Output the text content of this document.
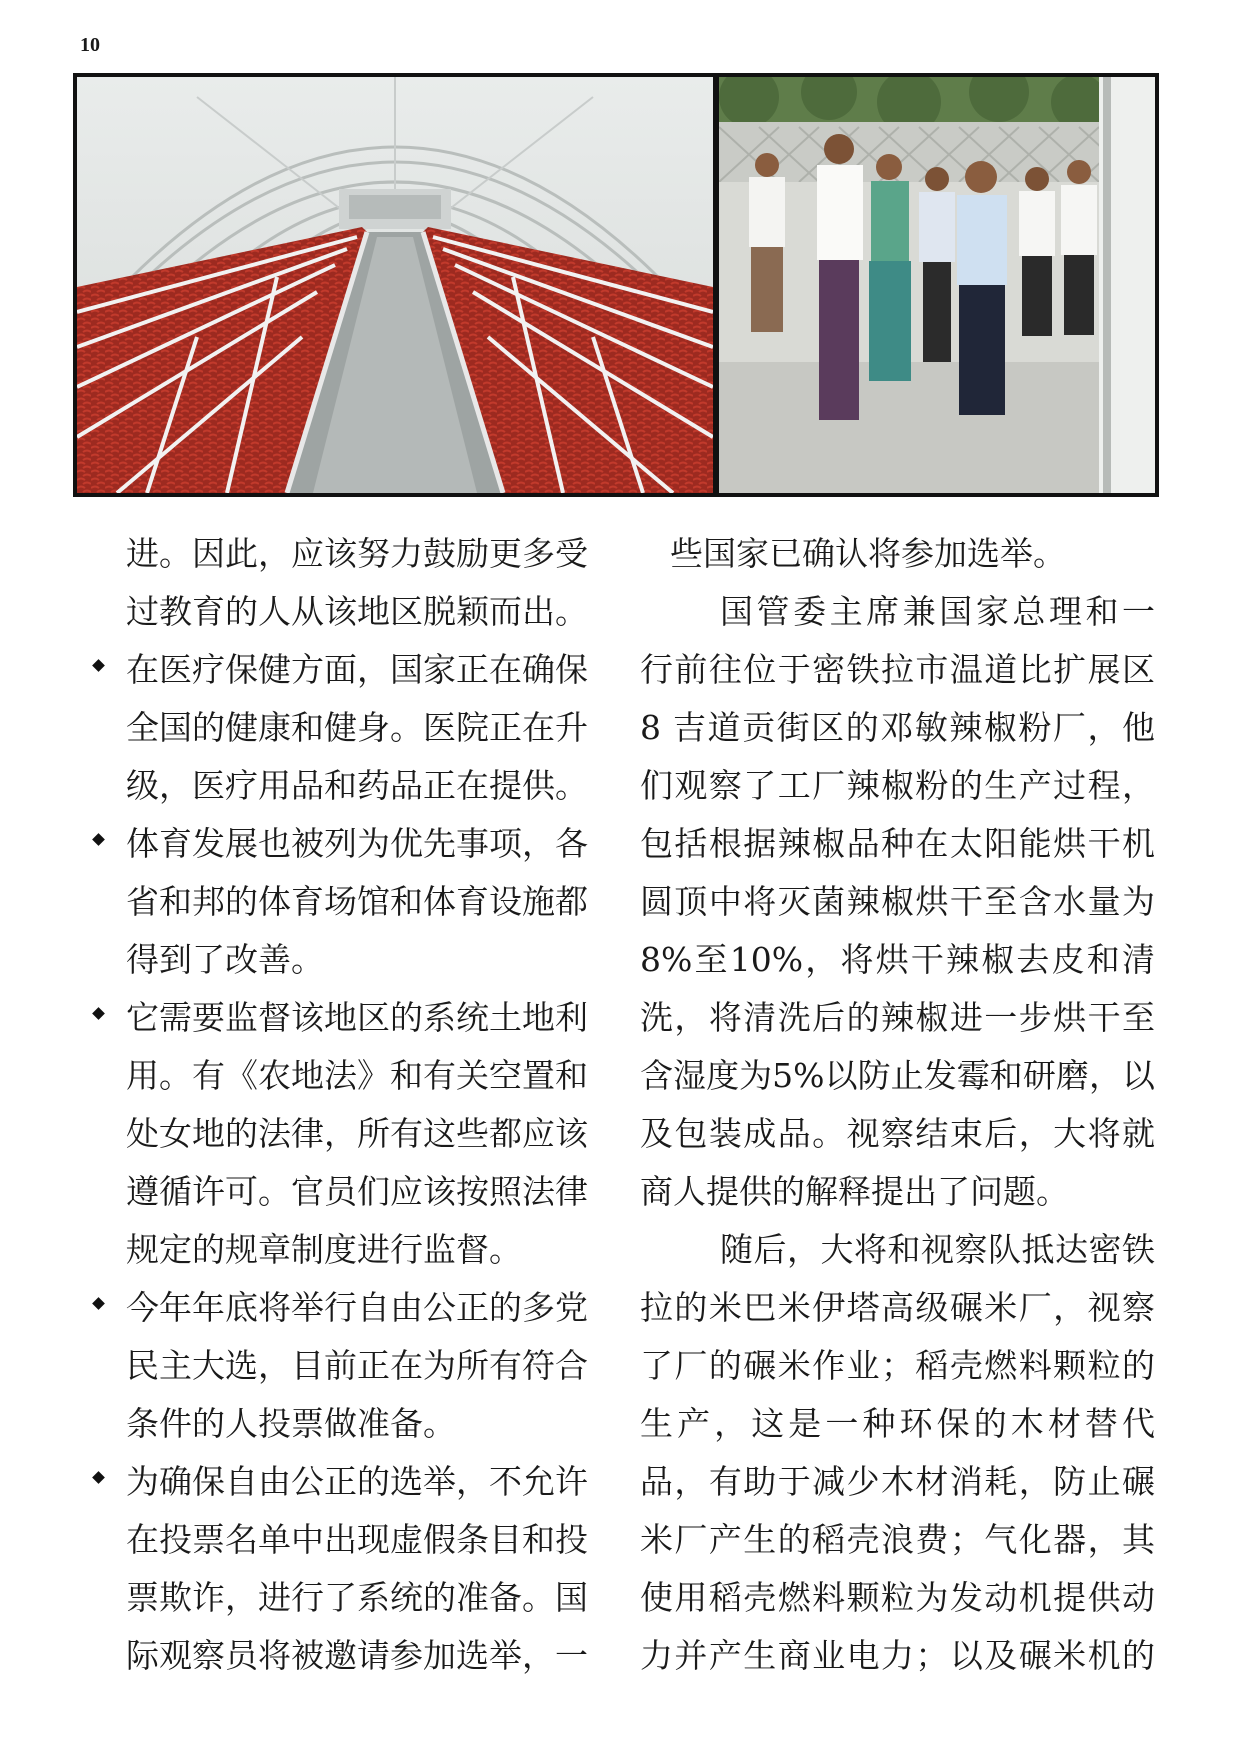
10
进。因此，应该努力鼓励更多受
过教育的人从该地区脱颖而出。
在医疗保健方面，国家正在确保
全国的健康和健身。医院正在升
级，医疗用品和药品正在提供。
体育发展也被列为优先事项，各
省和邦的体育场馆和体育设施都
得到了改善。
它需要监督该地区的系统土地利
用。有《农地法》和有关空置和
处女地的法律，所有这些都应该
遵循许可。官员们应该按照法律
规定的规章制度进行监督。
今年年底将举行自由公正的多党
民主大选，目前正在为所有符合
条件的人投票做准备。
为确保自由公正的选举，不允许
在投票名单中出现虚假条目和投
票欺诈，进行了系统的准备。国
际观察员将被邀请参加选举，一
些国家已确认将参加选举。
国管委主席兼国家总理和一
行前往位于密铁拉市温道比扩展区
8 吉道贡街区的邓敏辣椒粉厂，他
们观察了工厂辣椒粉的生产过程，
包括根据辣椒品种在太阳能烘干机
圆顶中将灭菌辣椒烘干至含水量为
8%至10%，将烘干辣椒去皮和清
洗，将清洗后的辣椒进一步烘干至
含湿度为5%以防止发霉和研磨，以
及包装成品。视察结束后，大将就
商人提供的解释提出了问题。
随后，大将和视察队抵达密铁
拉的米巴米伊塔高级碾米厂，视察
了厂的碾米作业；稻壳燃料颗粒的
生产，这是一种环保的木材替代
品，有助于减少木材消耗，防止碾
米厂产生的稻壳浪费；气化器，其
使用稻壳燃料颗粒为发动机提供动
力并产生商业电力；以及碾米机的
